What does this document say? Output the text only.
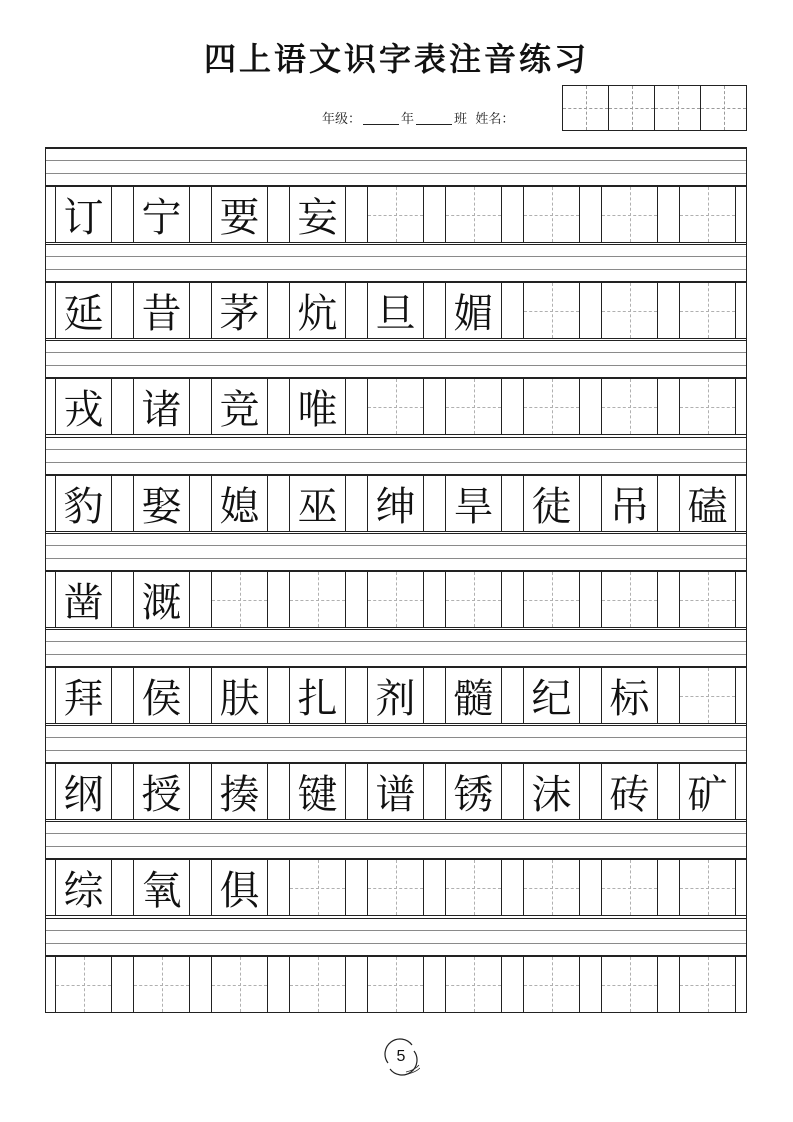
四上语文识字表注音练习
年级：	年	班 姓名：
订 宁 要 妄
延 昔 茅 炕 旦 媚
戎 诸 竞 唯
豹 娶 媳 巫 绅 旱 徒 吊 磕
凿 溉
拜 侯 肤 扎 剂 髓 纪 标
纲 授 揍 键 谱 锈 沫 砖 矿
综 氧 俱
5
